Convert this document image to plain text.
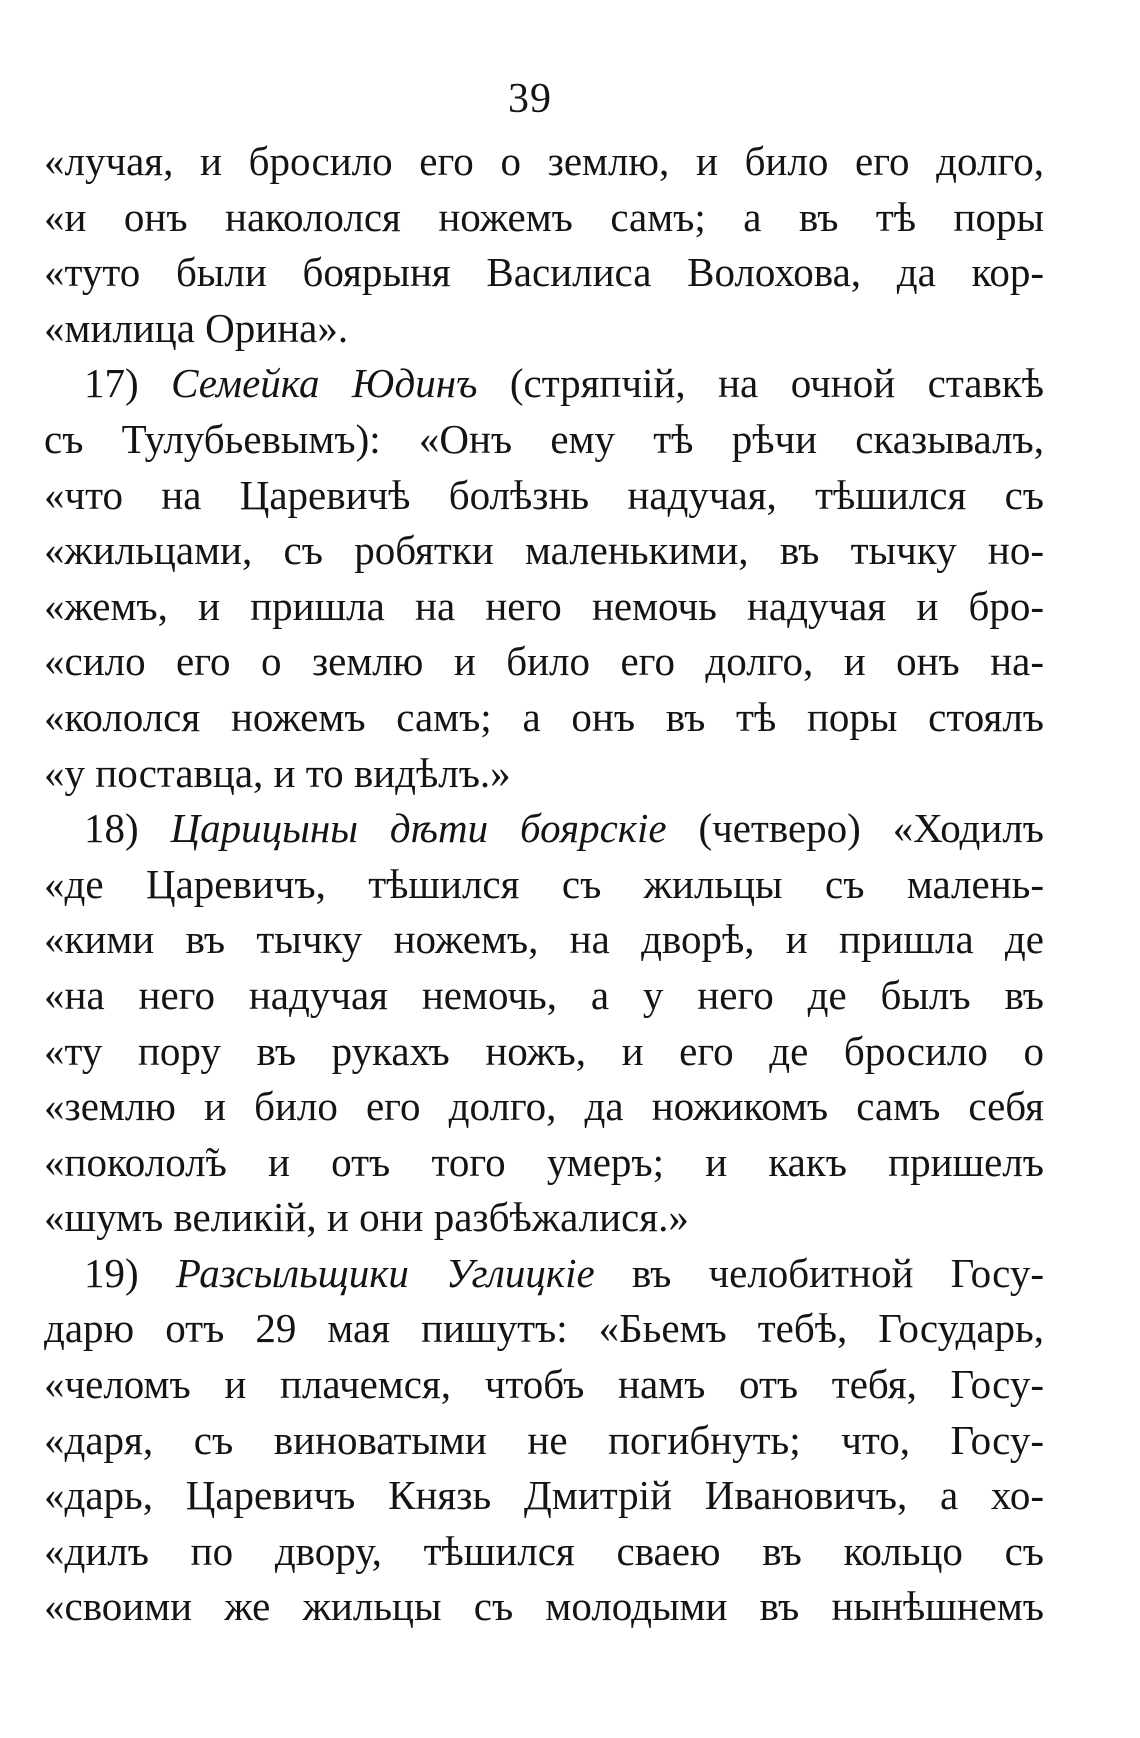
39
«лучая, и бросило его о землю, и било его долго,
«и онъ накололся ножемъ самъ; а въ тѣ поры
«туто были боярыня Василиса Волохова, да кор-
«милица Орина».
17) Семейка Юдинъ (стряпчій, на очной ставкѣ
съ Тулубьевымъ): «Онъ ему тѣ рѣчи сказывалъ,
«что на Царевичѣ болѣзнь надучая, тѣшился съ
«жильцами, съ робятки маленькими, въ тычку но-
«жемъ, и пришла на него немочь надучая и бро-
«сило его о землю и било его долго, и онъ на-
«кололся ножемъ самъ; а онъ въ тѣ поры стоялъ
«у поставца, и то видѣлъ.»
18) Царицыны дѣти боярскіе (четверо) «Ходилъ
«де Царевичъ, тѣшился съ жильцы съ малень-
«кими въ тычку ножемъ, на дворѣ, и пришла де
«на него надучая немочь, а у него де былъ въ
«ту пору въ рукахъ ножъ, и его де бросило о
«землю и било его долго, да ножикомъ самъ себя
«поколол̃ъ и отъ того умеръ; и какъ пришелъ
«шумъ великій, и они разбѣжалися.»
19) Разсыльщики Углицкіе въ челобитной Госу-
дарю отъ 29 мая пишутъ: «Бьемъ тебѣ, Государь,
«челомъ и плачемся, чтобъ намъ отъ тебя, Госу-
«даря, съ виноватыми не погибнуть; что, Госу-
«дарь, Царевичъ Князь Дмитрій Ивановичъ, а хо-
«дилъ по двору, тѣшился сваею въ кольцо съ
«своими же жильцы съ молодыми въ нынѣшнемъ
